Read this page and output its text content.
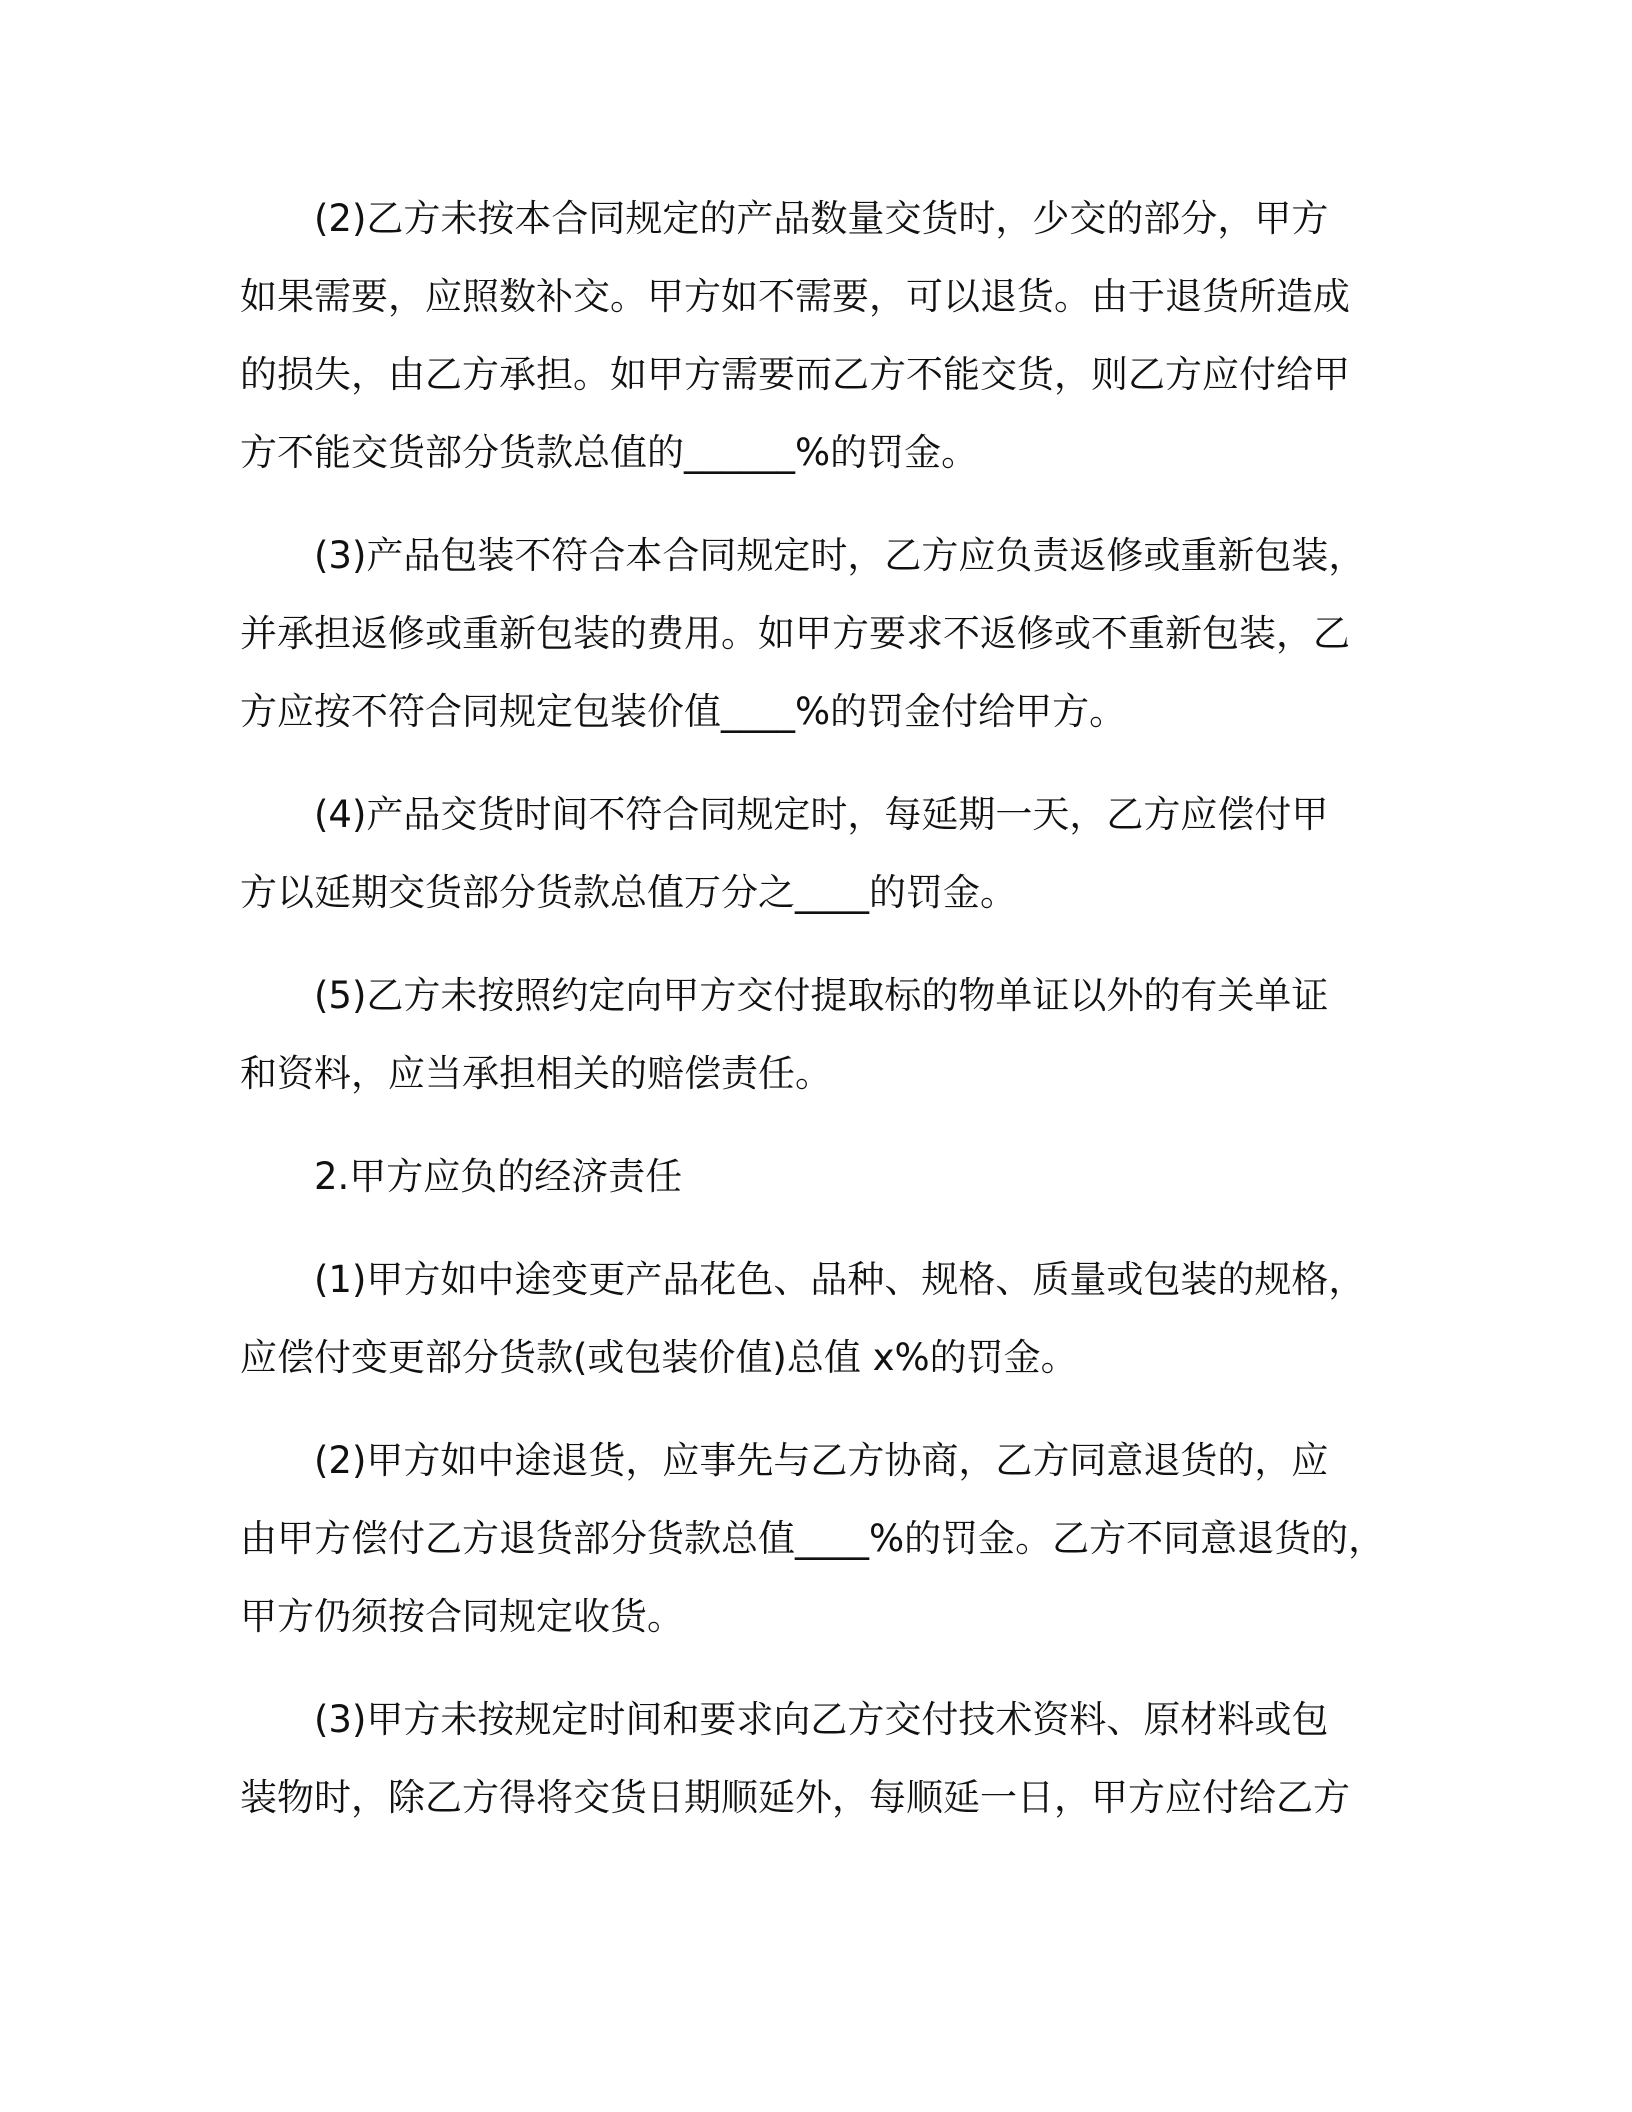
(2)乙方未按本合同规定的产品数量交货时，少交的部分，甲方
如果需要，应照数补交。甲方如不需要，可以退货。由于退货所造成
的损失，由乙方承担。如甲方需要而乙方不能交货，则乙方应付给甲
方不能交货部分货款总值的______%的罚金。
(3)产品包装不符合本合同规定时，乙方应负责返修或重新包装，
并承担返修或重新包装的费用。如甲方要求不返修或不重新包装，乙
方应按不符合同规定包装价值____%的罚金付给甲方。
(4)产品交货时间不符合同规定时，每延期一天，乙方应偿付甲
方以延期交货部分货款总值万分之____的罚金。
(5)乙方未按照约定向甲方交付提取标的物单证以外的有关单证
和资料，应当承担相关的赔偿责任。
2.甲方应负的经济责任
(1)甲方如中途变更产品花色、品种、规格、质量或包装的规格，
应偿付变更部分货款(或包装价值)总值 x%的罚金。
(2)甲方如中途退货，应事先与乙方协商，乙方同意退货的，应
由甲方偿付乙方退货部分货款总值____%的罚金。乙方不同意退货的，
甲方仍须按合同规定收货。
(3)甲方未按规定时间和要求向乙方交付技术资料、原材料或包
装物时，除乙方得将交货日期顺延外，每顺延一日，甲方应付给乙方
